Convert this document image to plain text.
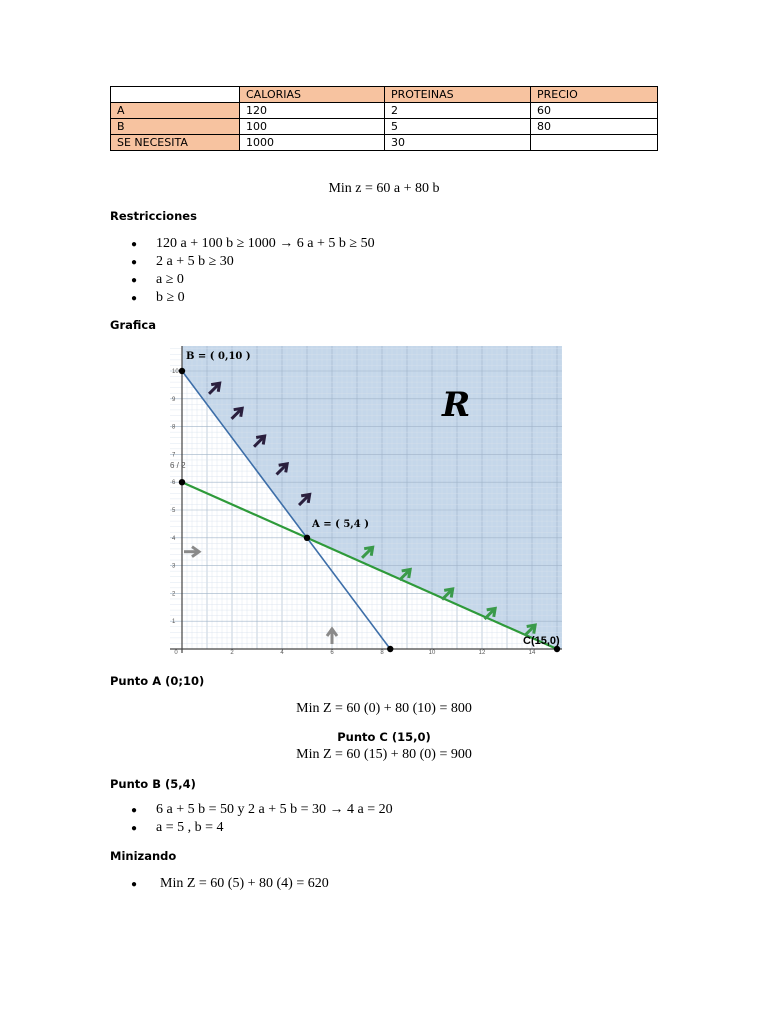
	CALORIAS	PROTEINAS	PRECIO
A	120	2	60
B	100	5	80
SE NECESITA	1000	30	
Min z = 60 a + 80 b
Restricciones
● 120 a + 100 b ≥ 1000 → 6 a + 5 b ≥ 50
● 2 a + 5 b ≥ 30
● a ≥ 0
● b ≥ 0
Grafica
0	2	4	6	8	10	12	14
1
2
3
4
5
6
7
8
9
10
R
B = ( 0,10 )
A = ( 5,4 )
C(15,0)
6 / 2
Punto A (0;10)
Min Z = 60 (0) + 80 (10) = 800
Punto C (15,0)
Min Z = 60 (15) + 80 (0) = 900
Punto B (5,4)
● 6 a + 5 b = 50 y 2 a + 5 b = 30 → 4 a = 20
● a = 5 , b = 4
Minizando
● Min Z = 60 (5) + 80 (4) = 620
